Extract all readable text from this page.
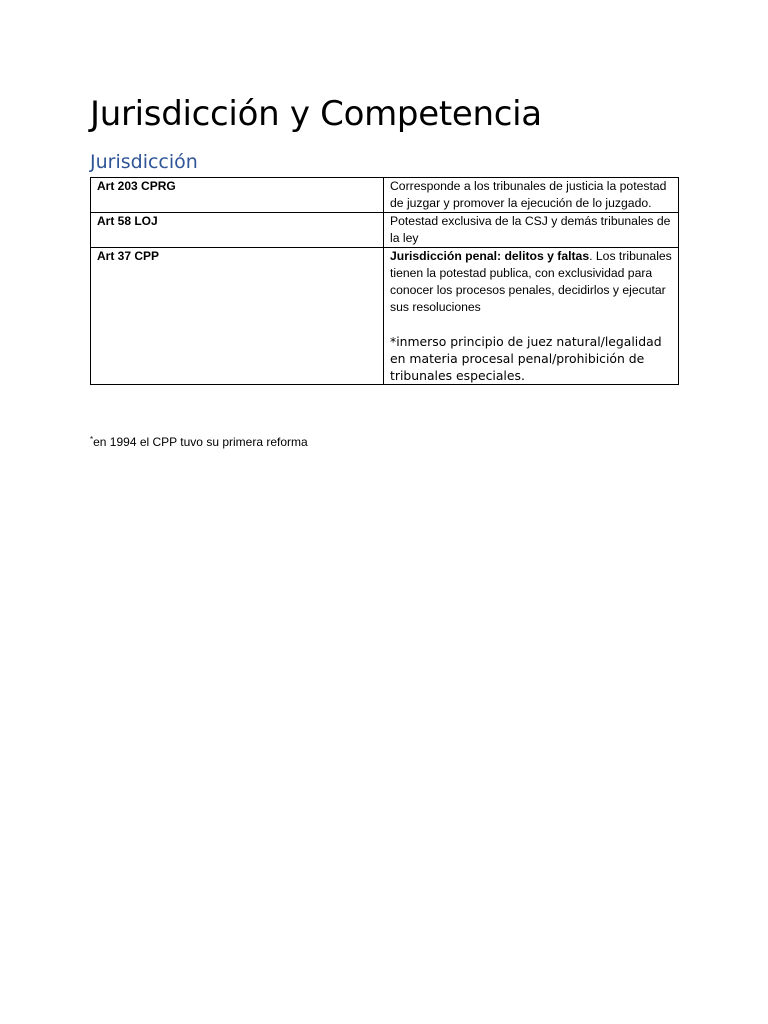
Jurisdicción y Competencia
Jurisdicción
Art 203 CPRG	Corresponde a los tribunales de justicia la potestad de juzgar y promover la ejecución de lo juzgado.
Art 58 LOJ	Potestad exclusiva de la CSJ y demás tribunales de la ley
Art 37 CPP	Jurisdicción penal: delitos y faltas. Los tribunales tienen la potestad publica, con exclusividad para conocer los procesos penales, decidirlos y ejecutar sus resoluciones
*inmerso principio de juez natural/legalidad en materia procesal penal/prohibición de tribunales especiales.

*en 1994 el CPP tuvo su primera reforma
